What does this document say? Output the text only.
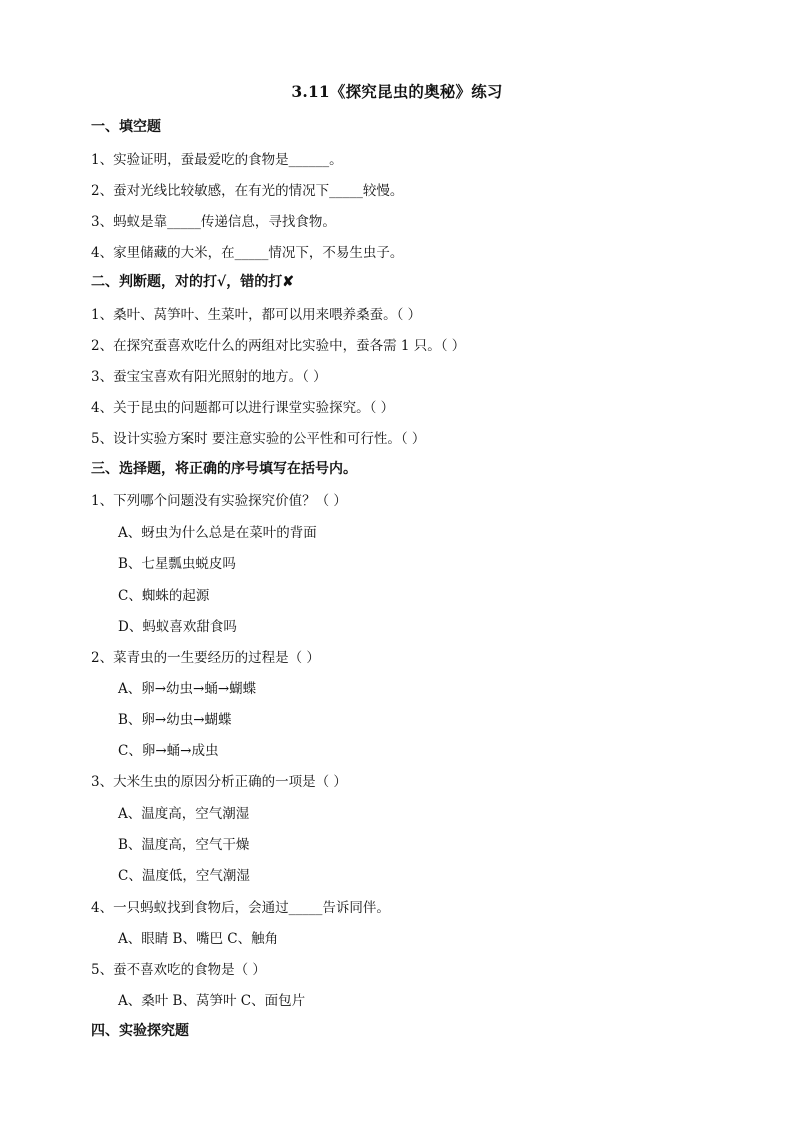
3.11《探究昆虫的奥秘》练习
一、填空题
1、实验证明，蚕最爱吃的食物是______。
2、蚕对光线比较敏感，在有光的情况下_____较慢。
3、蚂蚁是靠_____传递信息，寻找食物。
4、家里储藏的大米，在_____情况下，不易生虫子。
二、判断题，对的打√，错的打✘
1、桑叶、莴笋叶、生菜叶，都可以用来喂养桑蚕。（ ）
2、在探究蚕喜欢吃什么的两组对比实验中，蚕各需 1 只。（ ）
3、蚕宝宝喜欢有阳光照射的地方。（ ）
4、关于昆虫的问题都可以进行课堂实验探究。（ ）
5、设计实验方案时 要注意实验的公平性和可行性。（ ）
三、选择题，将正确的序号填写在括号内。
1、下列哪个问题没有实验探究价值？（ ）
A、蚜虫为什么总是在菜叶的背面
B、七星瓢虫蜕皮吗
C、蜘蛛的起源
D、蚂蚁喜欢甜食吗
2、菜青虫的一生要经历的过程是（ ）
A、卵→幼虫→蛹→蝴蝶
B、卵→幼虫→蝴蝶
C、卵→蛹→成虫
3、大米生虫的原因分析正确的一项是（ ）
A、温度高，空气潮湿
B、温度高，空气干燥
C、温度低，空气潮湿
4、一只蚂蚁找到食物后，会通过_____告诉同伴。
A、眼睛 B、嘴巴 C、触角
5、蚕不喜欢吃的食物是（ ）
A、桑叶 B、莴笋叶 C、面包片
四、实验探究题
